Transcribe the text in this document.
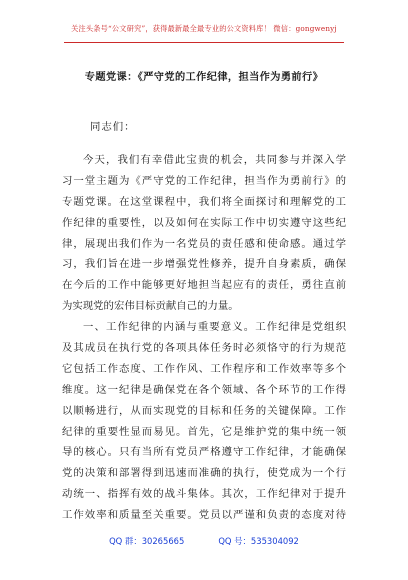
关注头条号“公文研究”，获得最新最全最专业的公文资料库！ 微信：gongwenyj
专题党课：《严守党的工作纪律，担当作为勇前行》
同志们：
今天，我们有幸借此宝贵的机会，共同参与并深入学
习一堂主题为《严守党的工作纪律，担当作为勇前行》的
专题党课。在这堂课程中，我们将全面探讨和理解党的工
作纪律的重要性，以及如何在实际工作中切实遵守这些纪
律，展现出我们作为一名党员的责任感和使命感。通过学
习，我们旨在进一步增强党性修养，提升自身素质，确保
在今后的工作中能够更好地担当起应有的责任，勇往直前
为实现党的宏伟目标贡献自己的力量。
一、工作纪律的内涵与重要意义。工作纪律是党组织
及其成员在执行党的各项具体任务时必须恪守的行为规范
它包括工作态度、工作作风、工作程序和工作效率等多个
维度。这一纪律是确保党在各个领域、各个环节的工作得
以顺畅进行，从而实现党的目标和任务的关键保障。工作
纪律的重要性显而易见。首先，它是维护党的集中统一领
导的核心。只有当所有党员严格遵守工作纪律，才能确保
党的决策和部署得到迅速而准确的执行，使党成为一个行
动统一、指挥有效的战斗集体。其次，工作纪律对于提升
工作效率和质量至关重要。党员以严谨和负责的态度对待
QQ 群：30265665	QQ 号：535304092
